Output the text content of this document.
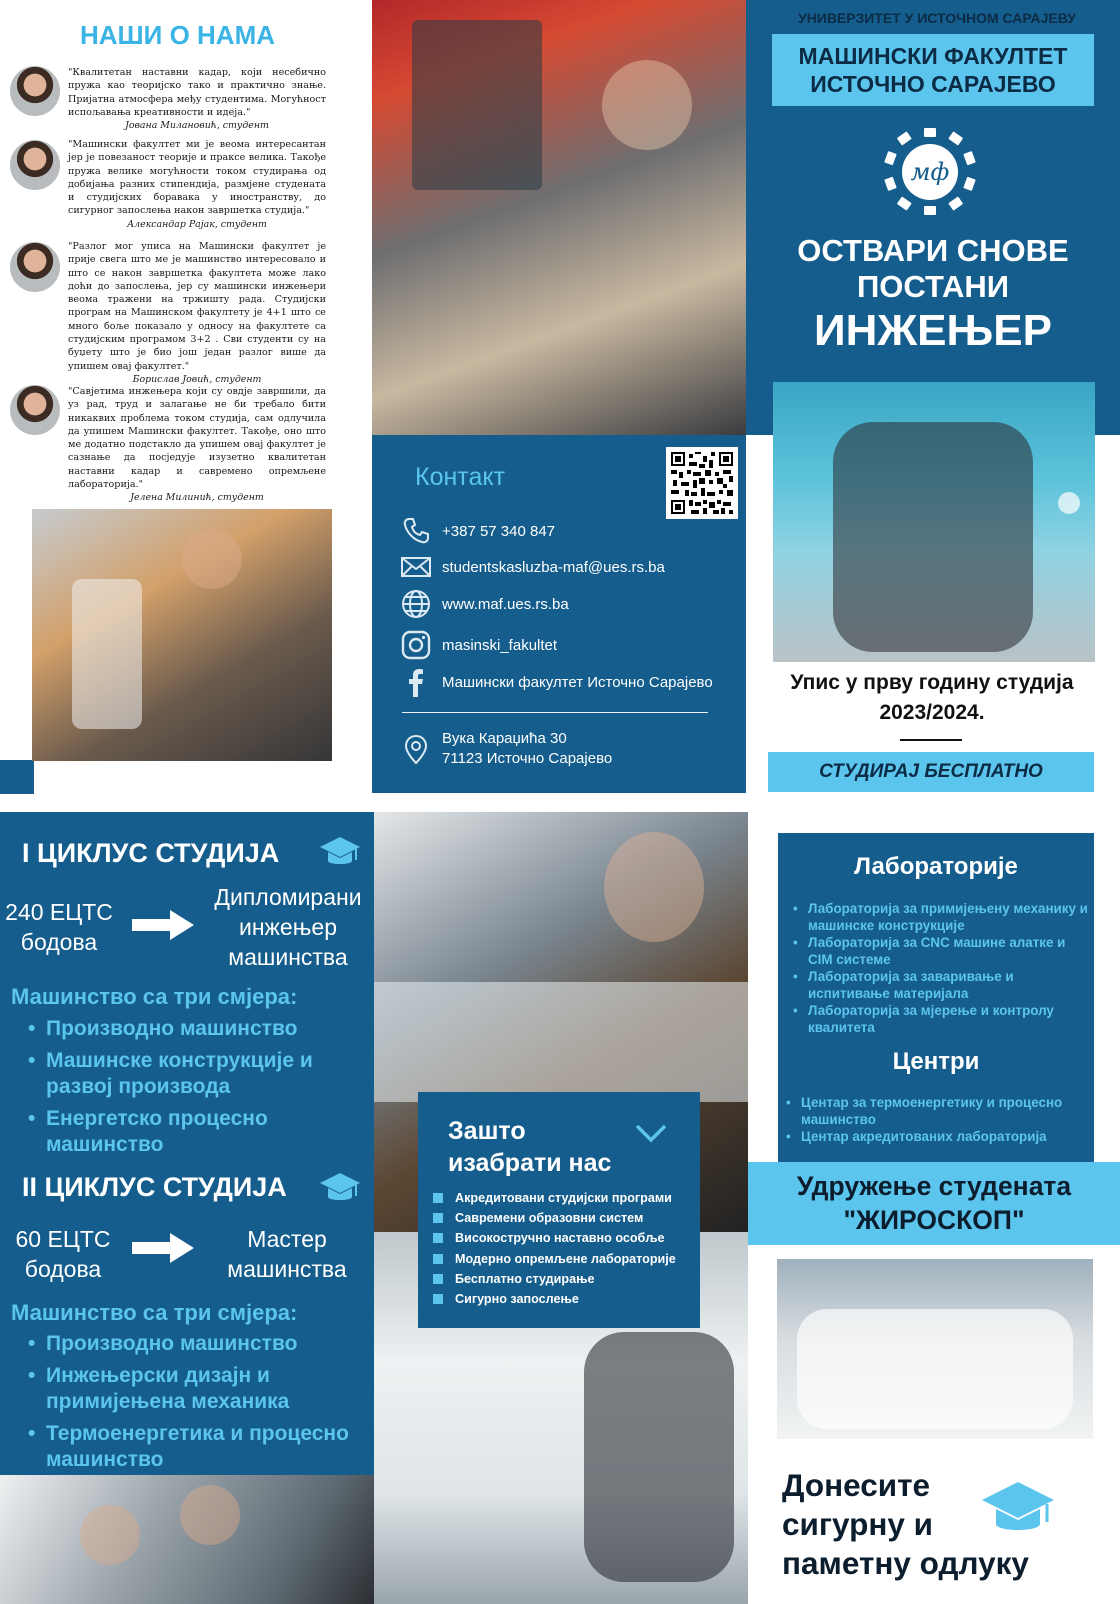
НАШИ О НАМА

"Квалитетан наставни кадар, који несебично пружа као теоријско тако и практично знање. Пријатна атмосфера међу студентима. Могућност испољавања креативности и идеја."

Јована Милановић, студент

"Машински факултет ми је веома интересантан јер је повезаност теорије и праксе велика. Такође пружа велике могућности током студирања од добијања разних стипендија, размјене студената и студијских боравака у иностранству, до сигурног запослења након завршетка студија."

Александар Рајак, студент

"Разлог мог уписа на Машински факултет је прије свега што ме је машинство интересовало и што се након завршетка факултета може лако доћи до запослења, јер су машински инжењери веома тражени на тржишту рада. Студијски програм на Машинском факултету је 4+1 што се много боље показало у односу на факултете са студијским програмом 3+2 . Сви студенти су на буџету што је био још један разлог више да упишем овај факултет."

Борислав Јовић, студент

"Савјетима инжењера који су овдје завршили, да уз рад, труд и залагање не би требало бити никаквих проблема током студија, сам одлучила да упишем Машински факултет. Такође, оно што ме додатно подстакло да упишем овај факултет је сазнање да посједује изузетно квалитетан наставни кадар и савремено опремљене лабораторија."

Јелена Милинић, студент

Контакт
+387 57 340 847
studentskasluzba-maf@ues.rs.ba
www.maf.ues.rs.ba
masinski_fakultet
Машински факултет Источно Сарајево
Вука Караџића 30
71123 Источно Сарајево
УНИВЕРЗИТЕТ У ИСТОЧНОМ САРАЈЕВУ
МАШИНСКИ ФАКУЛТЕТ
ИСТОЧНО САРАЈЕВО
мф
ОСТВАРИ СНОВЕ
ПОСТАНИ
ИНЖЕЊЕР
Упис у прву годину студија
2023/2024.
СТУДИРАЈ БЕСПЛАТНО
I ЦИКЛУС СТУДИЈА
240 ЕЦТС
бодова
Дипломирани
инжењер
машинства
Машинство са три смјера:
• Производно машинство
• Машинске конструкције и развој производа
• Енергетско процесно машинство
II ЦИКЛУС СТУДИЈА
60 ЕЦТС
бодова
Мастер
машинства
Машинство са три смјера:
• Производно машинство
• Инжењерски дизајн и примијењена механика
• Термоенергетика и процесно машинство
Зашто
изабрати нас
Акредитовани студијски програми
Савремени образовни систем
Високостручно наставно особље
Модерно опремљене лабораторије
Бесплатно студирање
Сигурно запослење
Лабораторије
• Лабораторија за примијењену механику и машинске конструкције
• Лабораторија за CNC машине алатке и CIM системе
• Лабораторија за заваривање и испитивање материјала
• Лабораторија за мјерење и контролу квалитета
Центри
• Центар за термоенергетику и процесно машинство
• Центар акредитованих лабораторија
Удружење студената
"ЖИРОСКОП"
Донесите
сигурну и
паметну одлуку
